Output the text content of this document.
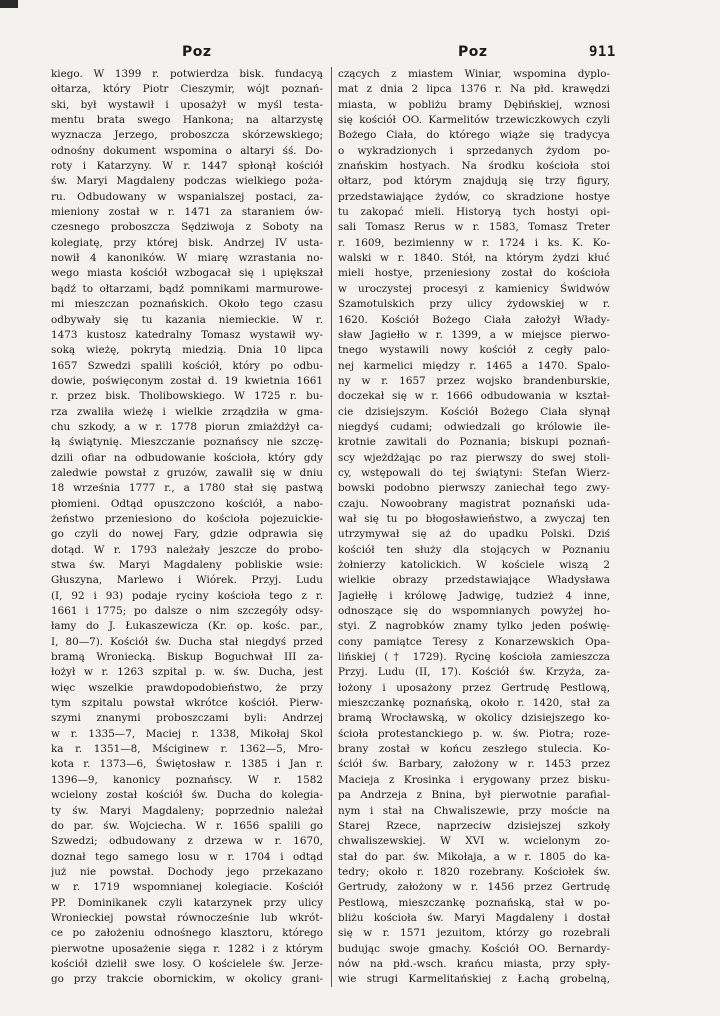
Poz	Poz	911
kiego. W 1399 r. potwierdza bisk. fundacyą
ołtarza, który Piotr Cieszymir, wójt poznań-
ski, był wystawił i uposażył w myśl testa-
mentu brata swego Hankona; na altarzystę
wyznacza Jerzego, proboszcza skórzewskiego;
odnośny dokument wspomina o altaryi śś. Do-
roty i Katarzyny. W r. 1447 spłonął kościół
św. Maryi Magdaleny podczas wielkiego poża-
ru. Odbudowany w wspanialszej postaci, za-
mieniony został w r. 1471 za staraniem ów-
czesnego proboszcza Sędziwoja z Soboty na
kolegiatę, przy której bisk. Andrzej IV ustа-
nowił 4 kanoników. W miarę wzrastania no-
wego miasta kościół wzbogacał się i upiększał
bądź to ołtarzami, bądź pomnikami marmurowe-
mi mieszczan poznańskich. Około tego czasu
odbywały się tu kazania niemieckie. W r.
1473 kustosz katedralny Tomasz wystawił wy-
soką wieżę, pokrytą miedzią. Dnia 10 lipca
1657 Szwedzi spalili kościół, który po odbu-
dowie, poświęconym został d. 19 kwietnia 1661
r. przez bisk. Tholibowskiego. W 1725 r. bu-
rza zwaliła wieżę i wielkie zrządziła w gma-
chu szkody, a w r. 1778 piorun zmiażdżył ca-
łą świątynię. Mieszczanie poznańscy nie szczę-
dzili ofiar na odbudowanie kościoła, który gdy
zaledwie powstał z gruzów, zawalił się w dniu
18 września 1777 r., a 1780 stał się pastwą
płomieni. Odtąd opuszczono kościół, a nabo-
żeństwo przeniesiono do kościoła pojezuickie-
go czyli do nowej Fary, gdzie odprawia się
dotąd. W r. 1793 należały jeszcze do probo-
stwa św. Maryi Magdaleny pobliskie wsie:
Głuszyna, Marlewo i Wiórek. Przyj. Ludu
(I, 92 i 93) podaje ryciny kościoła tego z r.
1661 i 1775; po dalsze o nim szczegóły odsy-
łamy do J. Łukaszewicza (Kr. op. kośc. par.,
I, 80—7). Kościół św. Ducha stał niegdyś przed
bramą Wroniecką. Biskup Boguchwał III za-
łożył w r. 1263 szpital p. w. św. Ducha, jest
więc wszelkie prawdopodobieństwo, że przy
tym szpitalu powstał wkrótce kościół. Pierw-
szymi znanymi proboszczami byli: Andrzej
w r. 1335—7, Maciej r. 1338, Mikołaj Skol
ka r. 1351—8, Mściginew r. 1362—5, Mro-
kota r. 1373—6, Świętosław r. 1385 i Jan r.
1396—9, kanonicy poznańscy. W r. 1582
wcielony został kościół św. Ducha do kolegia-
ty św. Maryi Magdaleny; poprzednio należał
do par. św. Wojciecha. W r. 1656 spalili go
Szwedzi; odbudowany z drzewa w r. 1670,
doznał tego samego losu w r. 1704 i odtąd
już nie powstał. Dochody jego przekazano
w r. 1719 wspomnianej kolegiacie. Kościół
PP. Dominikanek czyli katarzynek przy ulicy
Wronieckiej powstał równocześnie lub wkrót-
ce po założeniu odnośnego klasztoru, którego
pierwotne uposażenie sięga r. 1282 i z którym
kościół dzielił swe losy. O kościelele św. Jerze-
go przy trakcie obornickim, w okolicy grani-
czących z miastem Winiar, wspomina dyplo-
mat z dnia 2 lipca 1376 r. Na płd. krawędzi
miasta, w pobliżu bramy Dębińskiej, wznosi
się kościół OO. Karmelitów trzewiczkowych czyli
Bożego Ciała, do którego wiąże się tradycya
o wykradzionych i sprzedanych żydom po-
znańskim hostyach. Na środku kościoła stoi
ołtarz, pod którym znajdują się trzy figury,
przedstawiające żydów, co skradzione hostye
tu zakopać mieli. Historyą tych hostyi opi-
sali Tomasz Rerus w r. 1583, Tomasz Treter
r. 1609, bezimienny w r. 1724 i ks. K. Ko-
walski w r. 1840. Stół, na którym żydzi kłuć
mieli hostye, przeniesiony został do kościoła
w uroczystej procesyi z kamienicy Świdwów
Szamotulskich przy ulicy żydowskiej w r.
1620. Kościół Bożego Ciała założył Włady-
sław Jagiełło w r. 1399, a w miejsce pierwo-
tnego wystawili nowy kościół z cegły palo-
nej karmelici między r. 1465 a 1470. Spalo-
ny w r. 1657 przez wojsko brandenburskie,
doczekał się w r. 1666 odbudowania w kształ-
cie dzisiejszym. Kościół Bożego Ciała słynął
niegdyś cudami; odwiedzali go królowie ile-
krotnie zawitali do Poznania; biskupi poznań-
scy wjeżdżając po raz pierwszy do swej stoli-
cy, wstępowali do tej świątyni: Stefan Wierz-
bowski podobno pierwszy zaniechał tego zwy-
czaju. Nowoobrany magistrat poznański uda-
wał się tu po błogosławieństwo, a zwyczaj ten
utrzymywał się aż do upadku Polski. Dziś
kościół ten służy dla stojących w Poznaniu
żołnierzy katolickich. W kościele wiszą 2
wielkie obrazy przedstawiające Władysława
Jagiełłę i królowę Jadwigę, tudzież 4 inne,
odnoszące się do wspomnianych powyżej ho-
styi. Z nagrobków znamy tylko jeden poświę-
cony pamiątce Teresy z Konarzewskich Opa-
lińskiej († 1729). Rycinę kościoła zamieszcza
Przyj. Ludu (II, 17). Kościół św. Krzyża, za-
łożony i uposażony przez Gertrudę Pestlową,
mieszczankę poznańską, około r. 1420, stał za
bramą Wrocławską, w okolicy dzisiejszego ko-
ścioła protestanckiego p. w. św. Piotra; roze-
brany został w końcu zeszłego stulecia. Ko-
ściół św. Barbary, założony w r. 1453 przez
Macieja z Krosinka i erygowany przez bisku-
pa Andrzeja z Bnina, był pierwotnie parafial-
nym i stał na Chwaliszewie, przy moście na
Starej Rzece, naprzeciw dzisiejszej szkoły
chwaliszewskiej. W XVI w. wcielonym zo-
stał do par. św. Mikołaja, a w r. 1805 do ka-
tedry; około r. 1820 rozebrany. Kościołek św.
Gertrudy, założony w r. 1456 przez Gertrudę
Pestlową, mieszczankę poznańską, stał w po-
bliżu kościoła św. Maryi Magdaleny i dostał
się w r. 1571 jezuitom, którzy go rozebrali
budując swoje gmachy. Kościół OO. Bernardy-
nów na płd.-wsch. krańcu miasta, przy spły-
wie strugi Karmelitańskiej z Łachą grobelną,
